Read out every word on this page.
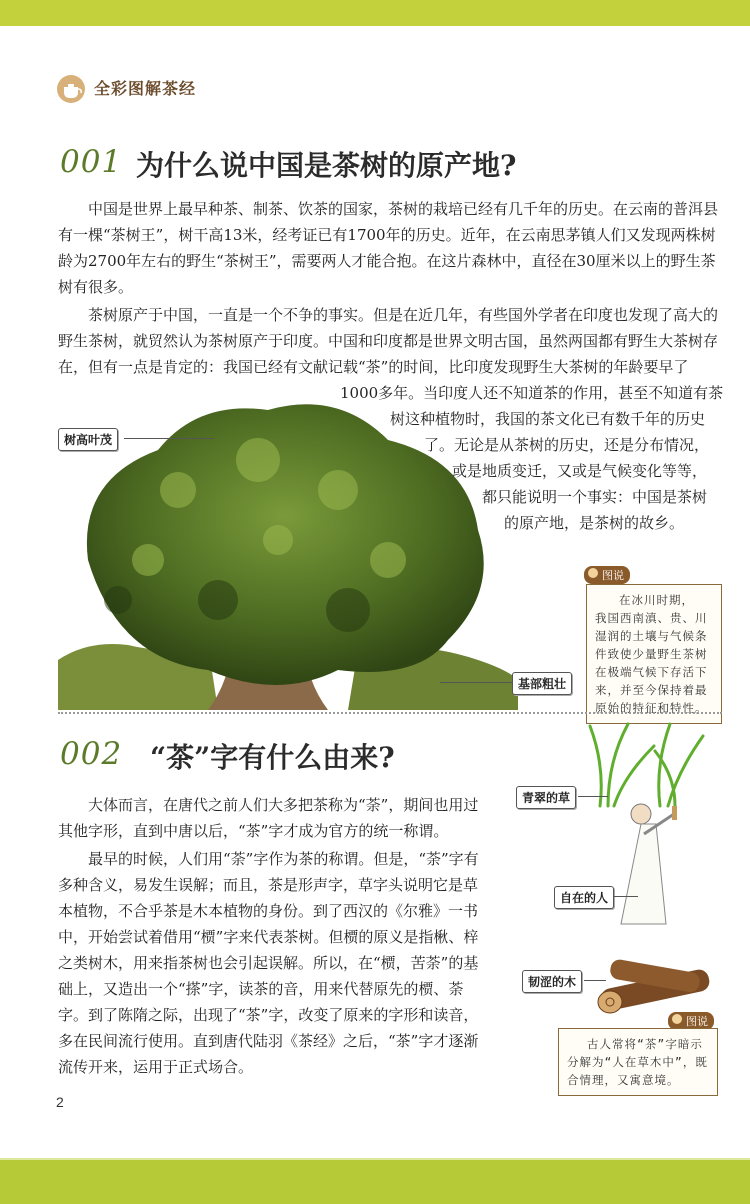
全彩图解茶经
001 为什么说中国是茶树的原产地?

中国是世界上最早种茶、制茶、饮茶的国家，茶树的栽培已经有几千年的历史。在云南的普洱县有一棵“茶树王”，树干高13米，经考证已有1700年的历史。近年，在云南思茅镇人们又发现两株树龄为2700年左右的野生“茶树王”，需要两人才能合抱。在这片森林中，直径在30厘米以上的野生茶树有很多。

茶树原产于中国，一直是一个不争的事实。但是在近几年，有些国外学者在印度也发现了高大的野生茶树，就贸然认为茶树原产于印度。中国和印度都是世界文明古国，虽然两国都有野生大茶树存在，但有一点是肯定的：我国已经有文献记载“茶”的时间，比印度发现野生大茶树的年龄要早了

1000多年。当印度人还不知道茶的作用，甚至不知道有茶
树这种植物时，我国的茶文化已有数千年的历史
了。无论是从茶树的历史，还是分布情况，
或是地质变迁，又或是气候变化等等，
都只能说明一个事实：中国是茶树
的原产地，是茶树的故乡。
树高叶茂
基部粗壮
图说
在冰川时期，
我国西南滇、贵、川
湿润的土壤与气候条
件致使少量野生茶树
在极端气候下存活下
来，并至今保持着最
原始的特征和特性。
002 “茶”字有什么由来?

大体而言，在唐代之前人们大多把茶称为“荼”，期间也用过其他字形，直到中唐以后，“茶”字才成为官方的统一称谓。

最早的时候，人们用“荼”字作为茶的称谓。但是，“荼”字有多种含义，易发生误解；而且，茶是形声字，草字头说明它是草本植物，不合乎茶是木本植物的身份。到了西汉的《尔雅》一书中，开始尝试着借用“槚”字来代表茶树。但槚的原义是指楸、梓之类树木，用来指茶树也会引起误解。所以，在“槚，苦荼”的基础上，又造出一个“搽”字，读茶的音，用来代替原先的槚、荼字。到了陈隋之际，出现了“茶”字，改变了原来的字形和读音，多在民间流行使用。直到唐代陆羽《茶经》之后，“茶”字才逐渐流传开来，运用于正式场合。

青翠的草
自在的人
韧涩的木
图说
古人常将“茶”字暗示
分解为“人在草木中”，既
合情理，又寓意境。
2
